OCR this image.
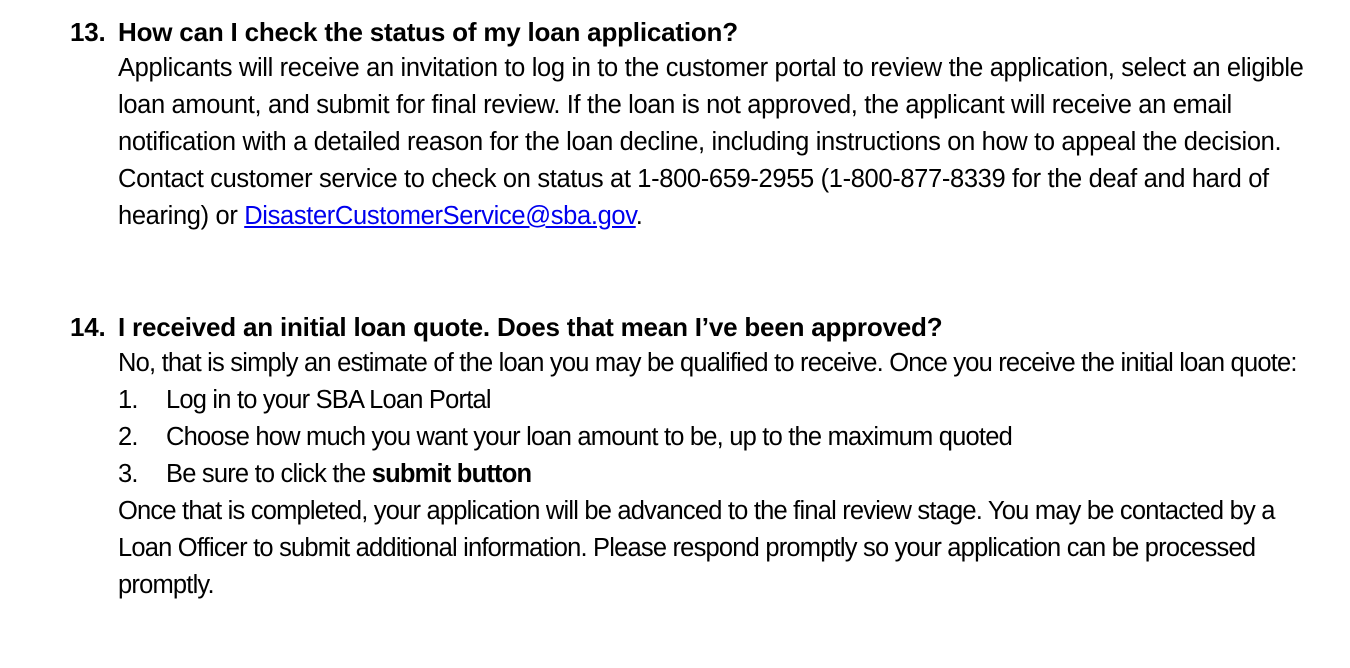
13. How can I check the status of my loan application?

Applicants will receive an invitation to log in to the customer portal to review the application, select an eligible loan amount, and submit for final review. If the loan is not approved, the applicant will receive an email notification with a detailed reason for the loan decline, including instructions on how to appeal the decision.

Contact customer service to check on status at 1-800-659-2955 (1-800-877-8339 for the deaf and hard of hearing) or DisasterCustomerService@sba.gov.

14. I received an initial loan quote. Does that mean I’ve been approved?

No, that is simply an estimate of the loan you may be qualified to receive. Once you receive the initial loan quote:

1.	Log in to your SBA Loan Portal
2.	Choose how much you want your loan amount to be, up to the maximum quoted
3.	Be sure to click the submit button

Once that is completed, your application will be advanced to the final review stage. You may be contacted by a Loan Officer to submit additional information. Please respond promptly so your application can be processed promptly.
